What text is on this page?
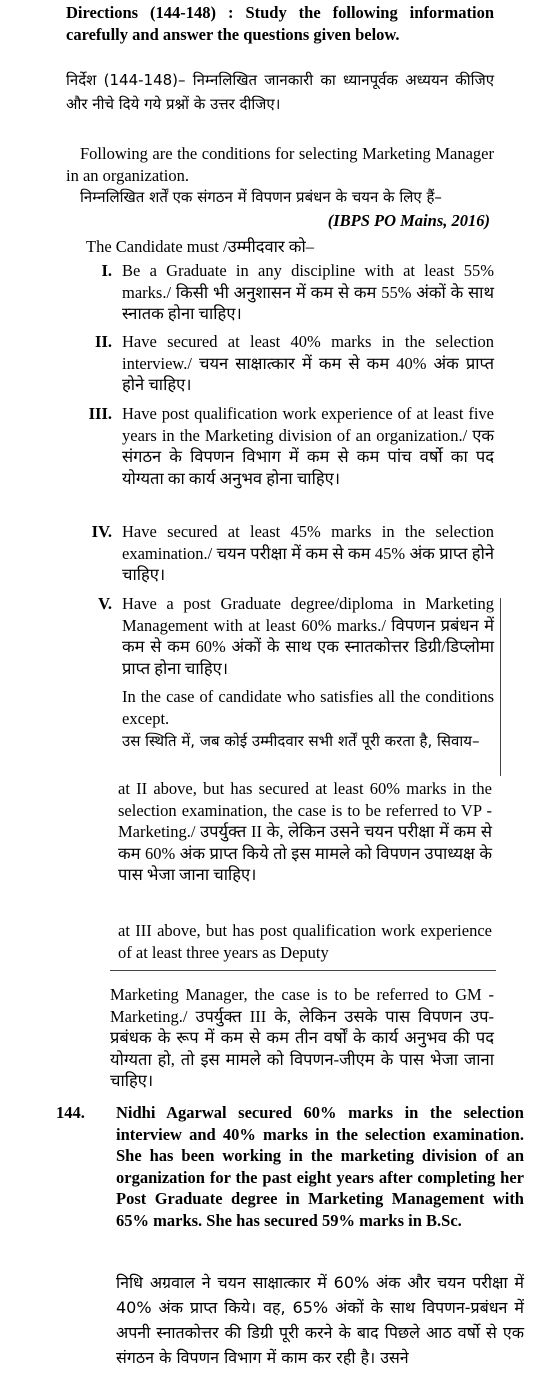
Directions (144-148) : Study the following information carefully and answer the questions given below.
निर्देश (144-148)– निम्नलिखित जानकारी का ध्यानपूर्वक अध्ययन कीजिए और नीचे दिये गये प्रश्नों के उत्तर दीजिए।
Following are the conditions for selecting Marketing Manager in an organization.
निम्नलिखित शर्तें एक संगठन में विपणन प्रबंधन के चयन के लिए हैं–
(IBPS PO Mains, 2016)
The Candidate must /उम्मीदवार को–
I. Be a Graduate in any discipline with at least 55% marks./ किसी भी अनुशासन में कम से कम 55% अंकों के साथ स्नातक होना चाहिए।
II. Have secured at least 40% marks in the selection interview./ चयन साक्षात्कार में कम से कम 40% अंक प्राप्त होने चाहिए।
III. Have post qualification work experience of at least five years in the Marketing division of an organization./ एक संगठन के विपणन विभाग में कम से कम पांच वर्षो का पद योग्यता का कार्य अनुभव होना चाहिए।
IV. Have secured at least 45% marks in the selection examination./ चयन परीक्षा में कम से कम 45% अंक प्राप्त होने चाहिए।
V. Have a post Graduate degree/diploma in Marketing Management with at least 60% marks./ विपणन प्रबंधन में कम से कम 60% अंकों के साथ एक स्नातकोत्तर डिग्री/डिप्लोमा प्राप्त होना चाहिए।
In the case of candidate who satisfies all the conditions except.
उस स्थिति में, जब कोई उम्मीदवार सभी शर्तें पूरी करता है, सिवाय–
at II above, but has secured at least 60% marks in the selection examination, the case is to be referred to VP -Marketing./ उपर्युक्त II के, लेकिन उसने चयन परीक्षा में कम से कम 60% अंक प्राप्त किये तो इस मामले को विपणन उपाध्यक्ष के पास भेजा जाना चाहिए।
at III above, but has post qualification work experience of at least three years as Deputy
Marketing Manager, the case is to be referred to GM - Marketing./ उपर्युक्त III के, लेकिन उसके पास विपणन उप-प्रबंधक के रूप में कम से कम तीन वर्षों के कार्य अनुभव की पद योग्यता हो, तो इस मामले को विपणन-जीएम के पास भेजा जाना चाहिए।
144.	Nidhi Agarwal secured 60% marks in the selection interview and 40% marks in the selection examination. She has been working in the marketing division of an organization for the past eight years after completing her Post Graduate degree in Marketing Management with 65% marks. She has secured 59% marks in B.Sc.
निधि अग्रवाल ने चयन साक्षात्कार में 60% अंक और चयन परीक्षा में 40% अंक प्राप्त किये। वह, 65% अंकों के साथ विपणन-प्रबंधन में अपनी स्नातकोत्तर की डिग्री पूरी करने के बाद पिछले आठ वर्षो से एक संगठन के विपणन विभाग में काम कर रही है। उसने
